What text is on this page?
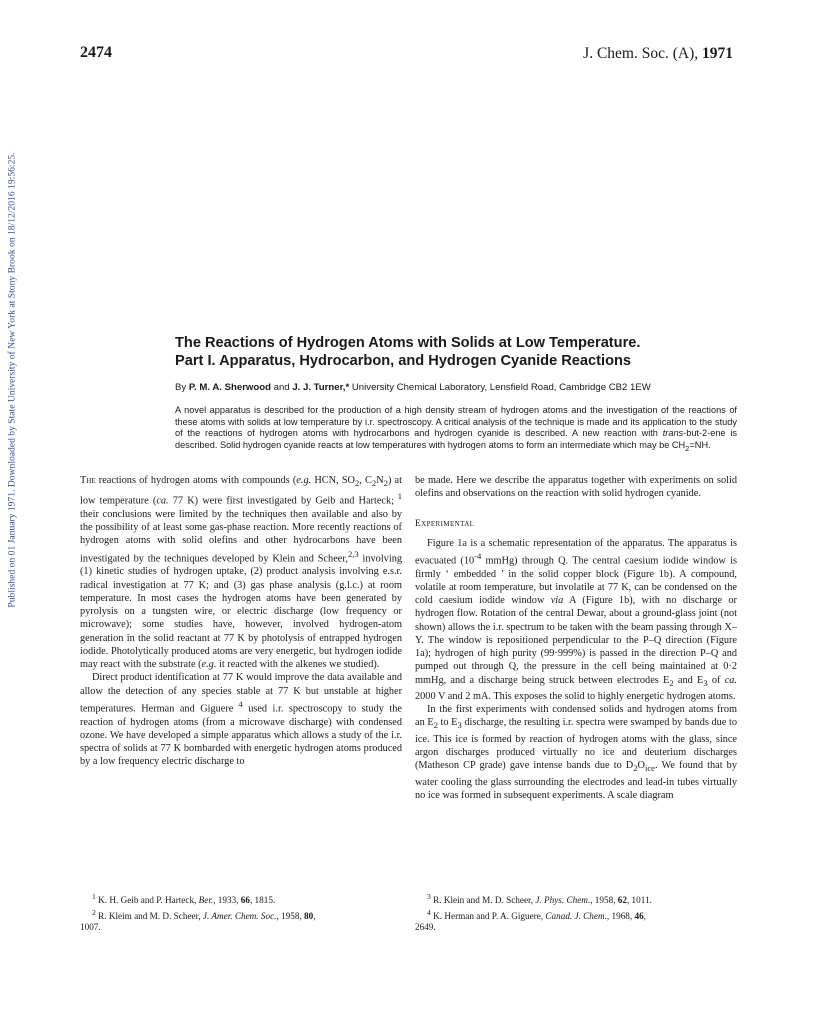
Published on 01 January 1971. Downloaded by State University of New York at Stony Brook on 18/12/2016 19:56:25.
2474	J. Chem. Soc. (A), 1971
The Reactions of Hydrogen Atoms with Solids at Low Temperature.
Part I. Apparatus, Hydrocarbon, and Hydrogen Cyanide Reactions
By P. M. A. Sherwood and J. J. Turner,* University Chemical Laboratory, Lensfield Road, Cambridge CB2 1EW
A novel apparatus is described for the production of a high density stream of hydrogen atoms and the investigation of the reactions of these atoms with solids at low temperature by i.r. spectroscopy. A critical analysis of the technique is made and its application to the study of the reactions of hydrogen atoms with hydrocarbons and hydrogen cyanide is described. A new reaction with trans-but-2-ene is described. Solid hydrogen cyanide reacts at low temperatures with hydrogen atoms to form an intermediate which may be $CH_2=NH$.

The reactions of hydrogen atoms with compounds (e.g. HCN, $SO_2$, $C_2N_2$) at low temperature (ca. 77 K) were first investigated by Geib and Harteck; $^1$ their conclusions were limited by the techniques then available and also by the possibility of at least some gas-phase reaction. More recently reactions of hydrogen atoms with solid olefins and other hydrocarbons have been investigated by the techniques developed by Klein and Scheer,$^{2,3}$ involving (1) kinetic studies of hydrogen uptake, (2) product analysis involving e.s.r. radical investigation at 77 K; and (3) gas phase analysis (g.l.c.) at room temperature. In most cases the hydrogen atoms have been generated by pyrolysis on a tungsten wire, or electric discharge (low frequency or microwave); some studies have, however, involved hydrogen-atom generation in the solid reactant at 77 K by photolysis of entrapped hydrogen iodide. Photolytically produced atoms are very energetic, but hydrogen iodide may react with the substrate (e.g. it reacted with the alkenes we studied).

Direct product identification at 77 K would improve the data available and allow the detection of any species stable at 77 K but unstable at higher temperatures. Herman and Giguere $^4$ used i.r. spectroscopy to study the reaction of hydrogen atoms (from a microwave discharge) with condensed ozone. We have developed a simple apparatus which allows a study of the i.r. spectra of solids at 77 K bombarded with energetic hydrogen atoms produced by a low frequency electric discharge to

be made. Here we describe the apparatus together with experiments on solid olefins and observations on the reaction with solid hydrogen cyanide.

Experimental

Figure 1a is a schematic representation of the apparatus. The apparatus is evacuated ($10^{-4}$ mmHg) through Q. The central caesium iodide window is firmly ‘ embedded ’ in the solid copper block (Figure 1b). A compound, volatile at room temperature, but involatile at 77 K, can be condensed on the cold caesium iodide window via A (Figure 1b), with no discharge or hydrogen flow. Rotation of the central Dewar, about a ground-glass joint (not shown) allows the i.r. spectrum to be taken with the beam passing through X–Y. The window is repositioned perpendicular to the P–Q direction (Figure 1a); hydrogen of high purity (99·999%) is passed in the direction P–Q and pumped out through Q, the pressure in the cell being maintained at 0·2 mmHg, and a discharge being struck between electrodes $E_2$ and $E_3$ of ca. 2000 V and 2 mA. This exposes the solid to highly energetic hydrogen atoms.

In the first experiments with condensed solids and hydrogen atoms from an $E_2$ to $E_3$ discharge, the resulting i.r. spectra were swamped by bands due to ice. This ice is formed by reaction of hydrogen atoms with the glass, since argon discharges produced virtually no ice and deuterium discharges (Matheson CP grade) gave intense bands due to $D_2O_{ice}$. We found that by water cooling the glass surrounding the electrodes and lead-in tubes virtually no ice was formed in subsequent experiments. A scale diagram

$^1$ K. H. Geib and P. Harteck, Ber., 1933, 66, 1815.

$^2$ R. Kleim and M. D. Scheer, J. Amer. Chem. Soc., 1958, 80,

1007.

$^3$ R. Klein and M. D. Scheer, J. Phys. Chem., 1958, 62, 1011.

$^4$ K. Herman and P. A. Giguere, Canad. J. Chem., 1968, 46,

2649.
